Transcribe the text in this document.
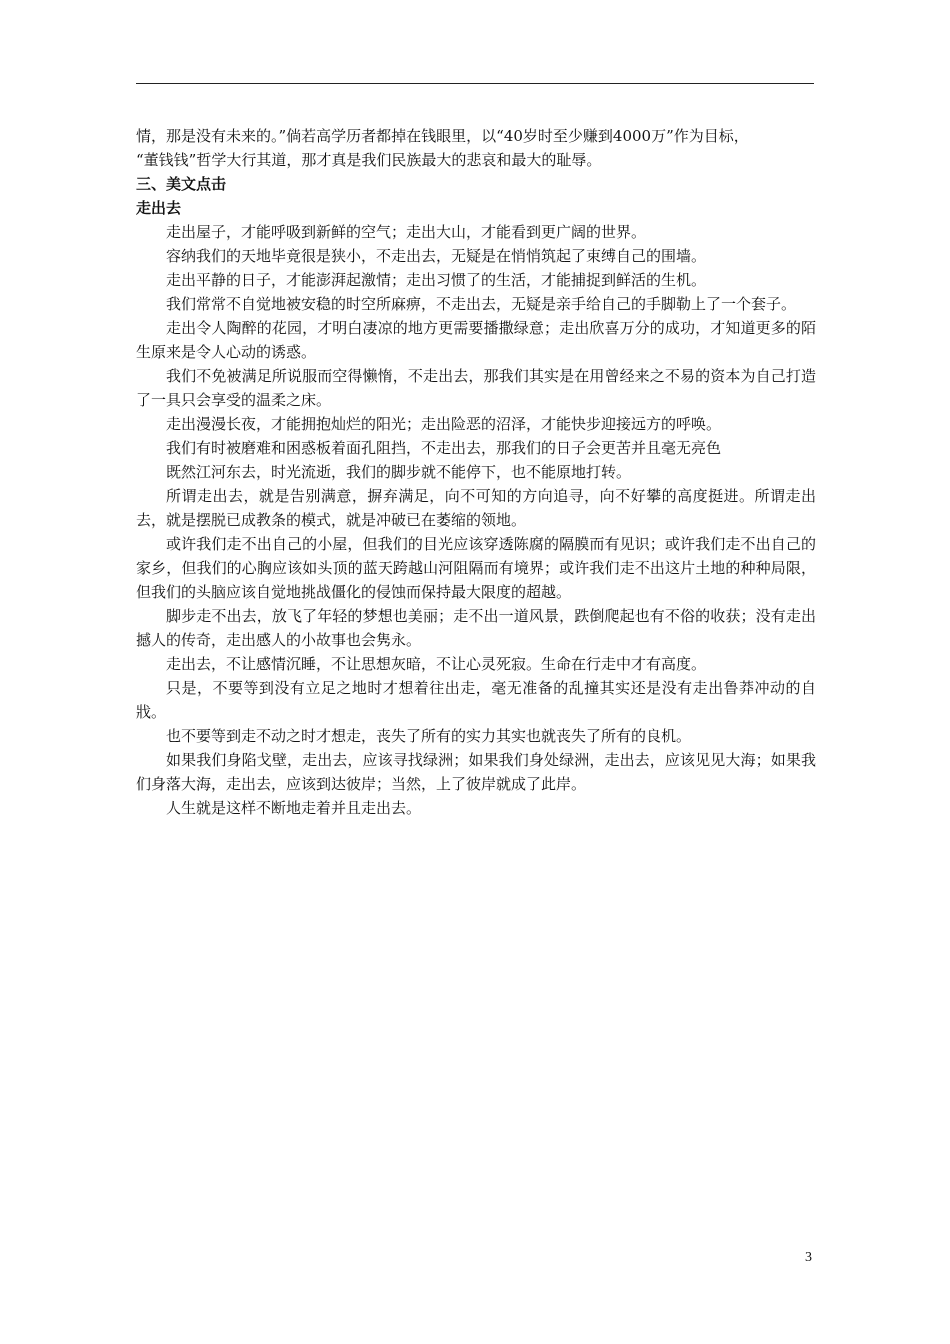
情，那是没有未来的。”倘若高学历者都掉在钱眼里，以“40岁时至少赚到4000万”作为目标，

“董钱钱”哲学大行其道，那才真是我们民族最大的悲哀和最大的耻辱。

三、美文点击

走出去

走出屋子，才能呼吸到新鲜的空气；走出大山，才能看到更广阔的世界。

容纳我们的天地毕竟很是狭小，不走出去，无疑是在悄悄筑起了束缚自己的围墙。

走出平静的日子，才能澎湃起激情；走出习惯了的生活，才能捕捉到鲜活的生机。

我们常常不自觉地被安稳的时空所麻痹，不走出去，无疑是亲手给自己的手脚勒上了一个套子。

走出令人陶醉的花园，才明白凄凉的地方更需要播撒绿意；走出欣喜万分的成功，才知道更多的陌生原来是令人心动的诱惑。

我们不免被满足所说服而空得懒惰，不走出去，那我们其实是在用曾经来之不易的资本为自己打造了一具只会享受的温柔之床。

走出漫漫长夜，才能拥抱灿烂的阳光；走出险恶的沼泽，才能快步迎接远方的呼唤。

我们有时被磨难和困惑板着面孔阻挡，不走出去，那我们的日子会更苦并且毫无亮色

既然江河东去，时光流逝，我们的脚步就不能停下，也不能原地打转。

所谓走出去，就是告别满意，摒弃满足，向不可知的方向追寻，向不好攀的高度挺进。所谓走出去，就是摆脱已成教条的模式，就是冲破已在萎缩的领地。

或许我们走不出自己的小屋，但我们的目光应该穿透陈腐的隔膜而有见识；或许我们走不出自己的家乡，但我们的心胸应该如头顶的蓝天跨越山河阻隔而有境界；或许我们走不出这片土地的种种局限，但我们的头脑应该自觉地挑战僵化的侵蚀而保持最大限度的超越。

脚步走不出去，放飞了年轻的梦想也美丽；走不出一道风景，跌倒爬起也有不俗的收获；没有走出撼人的传奇，走出感人的小故事也会隽永。

走出去，不让感情沉睡，不让思想灰暗，不让心灵死寂。生命在行走中才有高度。

只是，不要等到没有立足之地时才想着往出走，毫无准备的乱撞其实还是没有走出鲁莽冲动的自戕。

也不要等到走不动之时才想走，丧失了所有的实力其实也就丧失了所有的良机。

如果我们身陷戈壁，走出去，应该寻找绿洲；如果我们身处绿洲，走出去，应该见见大海；如果我们身落大海，走出去，应该到达彼岸；当然，上了彼岸就成了此岸。

人生就是这样不断地走着并且走出去。

3
